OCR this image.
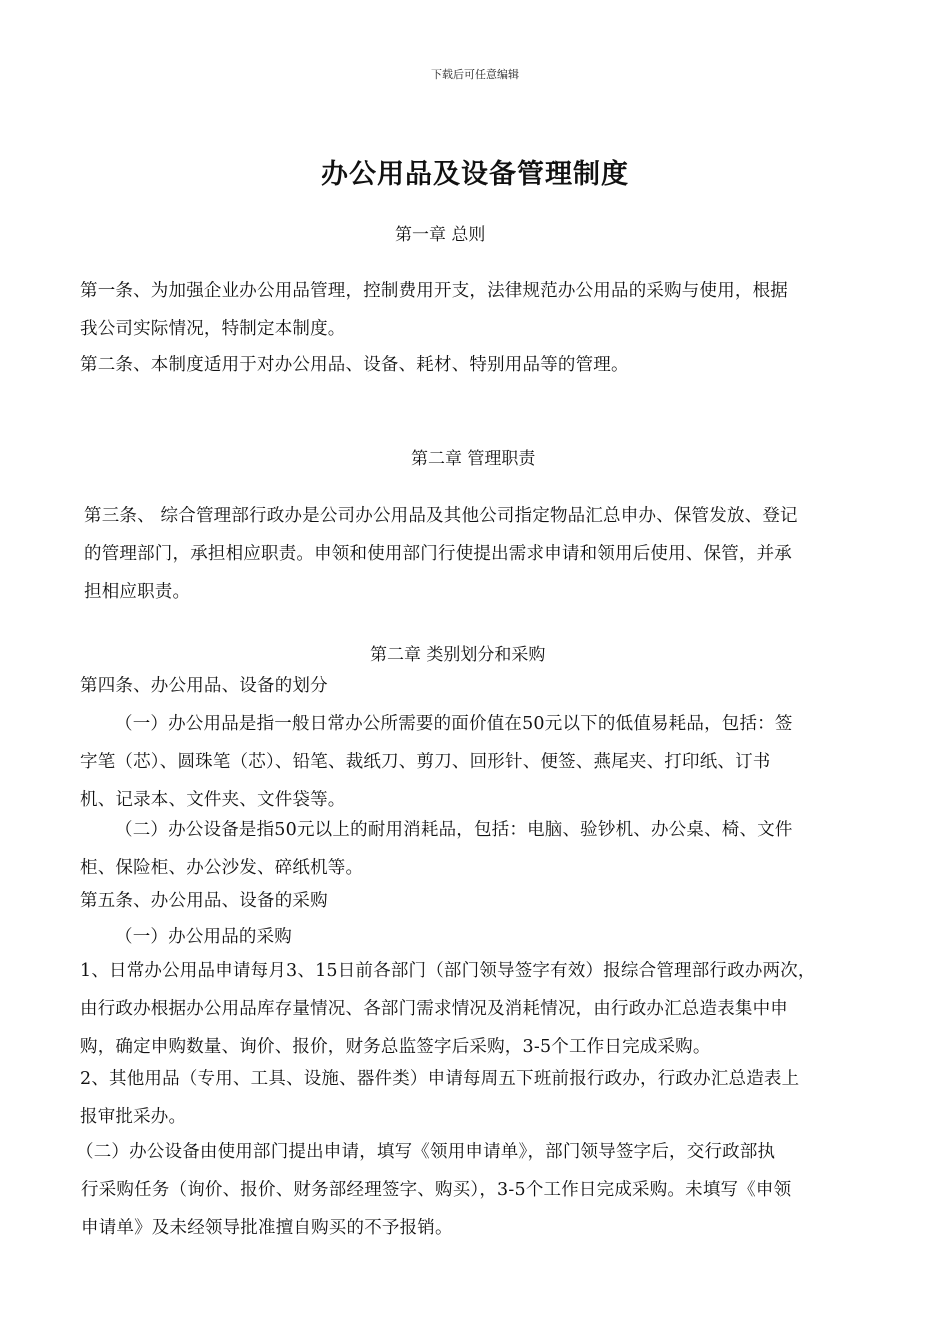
下载后可任意编辑
办公用品及设备管理制度
第一章 总则
第一条、为加强企业办公用品管理，控制费用开支，法律规范办公用品的采购与使用，根据
我公司实际情况，特制定本制度。
第二条、本制度适用于对办公用品、设备、耗材、特别用品等的管理。
第二章 管理职责
第三条、 综合管理部行政办是公司办公用品及其他公司指定物品汇总申办、保管发放、登记
的管理部门，承担相应职责。申领和使用部门行使提出需求申请和领用后使用、保管，并承
担相应职责。
第二章 类别划分和采购
第四条、办公用品、设备的划分
（一）办公用品是指一般日常办公所需要的面价值在50元以下的低值易耗品，包括：签
字笔（芯）、圆珠笔（芯）、铅笔、裁纸刀、剪刀、回形针、便签、燕尾夹、打印纸、订书
机、记录本、文件夹、文件袋等。
（二）办公设备是指50元以上的耐用消耗品，包括：电脑、验钞机、办公桌、椅、文件
柜、保险柜、办公沙发、碎纸机等。
第五条、办公用品、设备的采购
（一）办公用品的采购
1、日常办公用品申请每月3、15日前各部门（部门领导签字有效）报综合管理部行政办两次，
由行政办根据办公用品库存量情况、各部门需求情况及消耗情况，由行政办汇总造表集中申
购，确定申购数量、询价、报价，财务总监签字后采购，3-5个工作日完成采购。
2、其他用品（专用、工具、设施、器件类）申请每周五下班前报行政办，行政办汇总造表上
报审批采办。
（二）办公设备由使用部门提出申请，填写《领用申请单》，部门领导签字后，交行政部执
行采购任务（询价、报价、财务部经理签字、购买），3-5个工作日完成采购。未填写《申领
申请单》及未经领导批准擅自购买的不予报销。
